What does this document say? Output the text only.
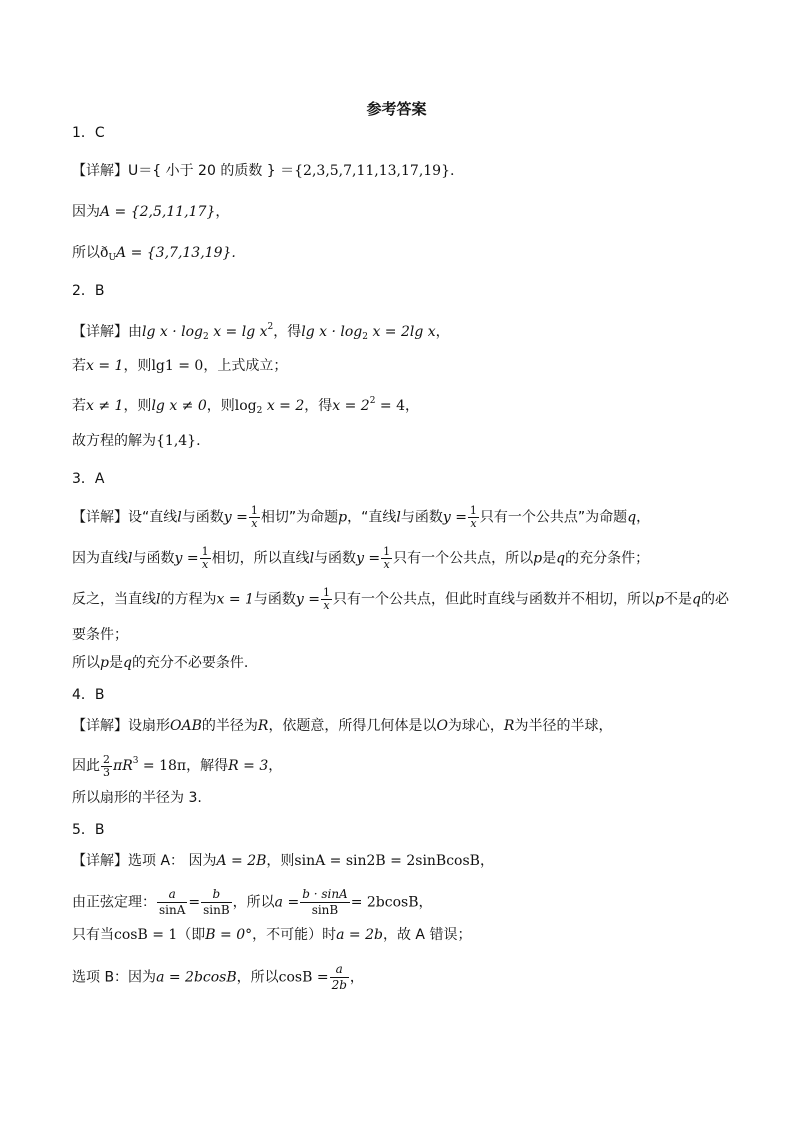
参考答案
1．C
【详解】U＝{ 小于 20 的质数 } ＝{2,3,5,7,11,13,17,19}.
因为A = {2,5,11,17}，
所以$ð_UA = \{3,7,13,19\}$.
2．B
【详解】由$\lg x \cdot \log_2 x = \lg x^2$，得$\lg x \cdot \log_2 x = 2\lg$ x，
若x = 1，则lg1 = 0，上式成立；
若x ≠ 1，则lg x ≠ 0，则$\log_2 x = 2$，得$x = 2^2 = 4$，
故方程的解为{1,4}.
3．A
【详解】设“直线l与函数$y = \frac{1}{x}$ 相切”为命题p，“直线l与函数$y = \frac{1}{x}$ 只有一个公共点”为命题q，
因为直线l与函数$y = \frac{1}{x}$ 相切，所以直线l与函数$y = \frac{1}{x}$ 只有一个公共点，所以p是q的充分条件；
反之，当直线l的方程为x = 1与函数$y = \frac{1}{x}$ 只有一个公共点，但此时直线与函数并不相切，所以p不是q的必
要条件；
所以p是q的充分不必要条件.
4．B
【详解】设扇形OAB的半径为R，依题意，所得几何体是以O为球心，R为半径的半球，
因此 $\frac{2}{3} \pi R^3 = 18\pi$，解得R = 3，
所以扇形的半径为 3.
5．B
【详解】选项 A： 因为A = 2B，则sinA = sin2B = 2sinBcosB，
由正弦定理： $\frac{a}{\sin A} = \frac{b}{\sin B}$ ，所以$a = \frac{b \cdot \sin A}{\sin B} = 2bcosB$，
只有当cosB = 1（即B = 0°，不可能）时a = 2b，故 A 错误；
选项 B：因为a = 2bcosB，所以$\cos B = \frac{a}{2b}$ ，
